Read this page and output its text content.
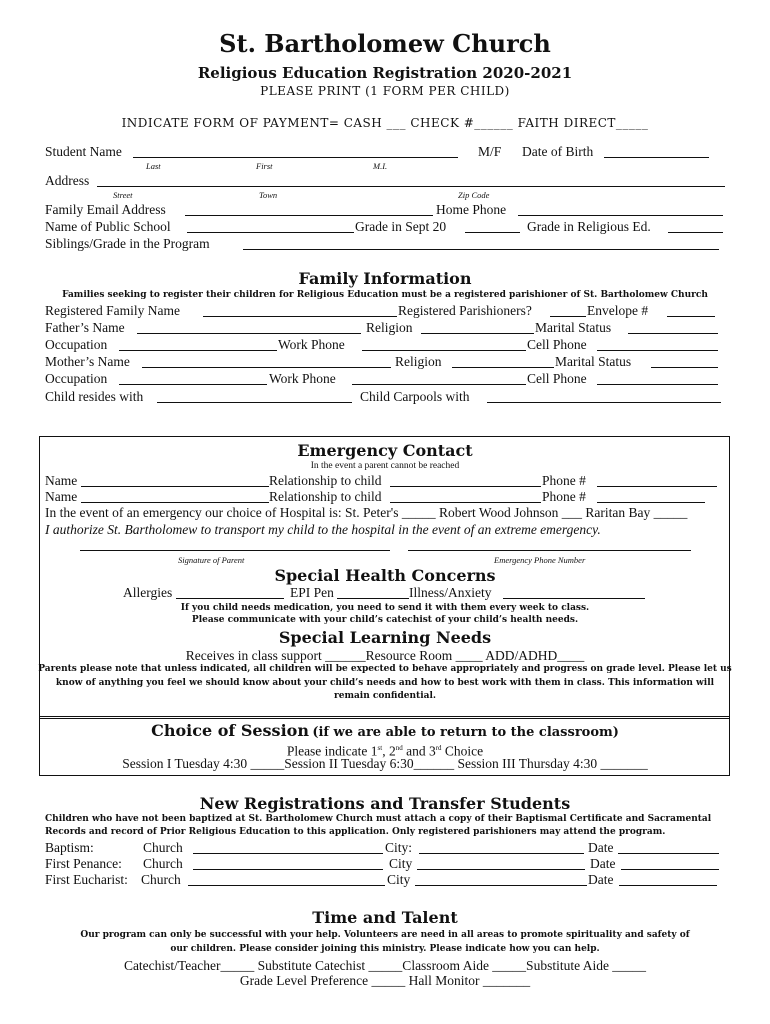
St. Bartholomew Church
Religious Education Registration 2020-2021
PLEASE PRINT (1 FORM PER CHILD)
INDICATE FORM OF PAYMENT= CASH ___ CHECK #______ FAITH DIRECT_____
Student Name	M/F Date of Birth
Last	First	M.I.
Address
Street	Town	Zip Code
Family Email Address	Home Phone
Name of Public School	Grade in Sept 20	Grade in Religious Ed.
Siblings/Grade in the Program
Family Information
Families seeking to register their children for Religious Education must be a registered parishioner of St. Bartholomew Church
Registered Family Name	Registered Parishioners?	Envelope #
Father’s Name	Religion	Marital Status
Occupation	Work Phone	Cell Phone
Mother’s Name	Religion	Marital Status
Occupation	Work Phone	Cell Phone
Child resides with	Child Carpools with
Emergency Contact
In the event a parent cannot be reached
Name	Relationship to child	Phone #
Name	Relationship to child	Phone #
In the event of an emergency our choice of Hospital is: St. Peter's _____ Robert Wood Johnson ___ Raritan Bay _____
I authorize St. Bartholomew to transport my child to the hospital in the event of an extreme emergency.
Signature of Parent	Emergency Phone Number
Special Health Concerns
Allergies	EPI Pen	Illness/Anxiety
If you child needs medication, you need to send it with them every week to class.
Please communicate with your child’s catechist of your child’s health needs.
Special Learning Needs
Receives in class support ______Resource Room ____ ADD/ADHD____
Parents please note that unless indicated, all children will be expected to behave appropriately and progress on grade level. Please let us
know of anything you feel we should know about your child’s needs and how to best work with them in class. This information will
remain confidential.
Choice of Session (if we are able to return to the classroom)
Please indicate 1st, 2nd and 3rd Choice
Session I Tuesday 4:30 _____Session II Tuesday 6:30______ Session III Thursday 4:30 _______
New Registrations and Transfer Students
Children who have not been baptized at St. Bartholomew Church must attach a copy of their Baptismal Certificate and Sacramental
Records and record of Prior Religious Education to this application. Only registered parishioners may attend the program.
Baptism:	Church	City:	Date
First Penance: Church	City	Date
First Eucharist: Church	City	Date
Time and Talent
Our program can only be successful with your help. Volunteers are need in all areas to promote spirituality and safety of
our children. Please consider joining this ministry. Please indicate how you can help.
Catechist/Teacher_____ Substitute Catechist _____Classroom Aide _____Substitute Aide _____
Grade Level Preference _____ Hall Monitor _______
